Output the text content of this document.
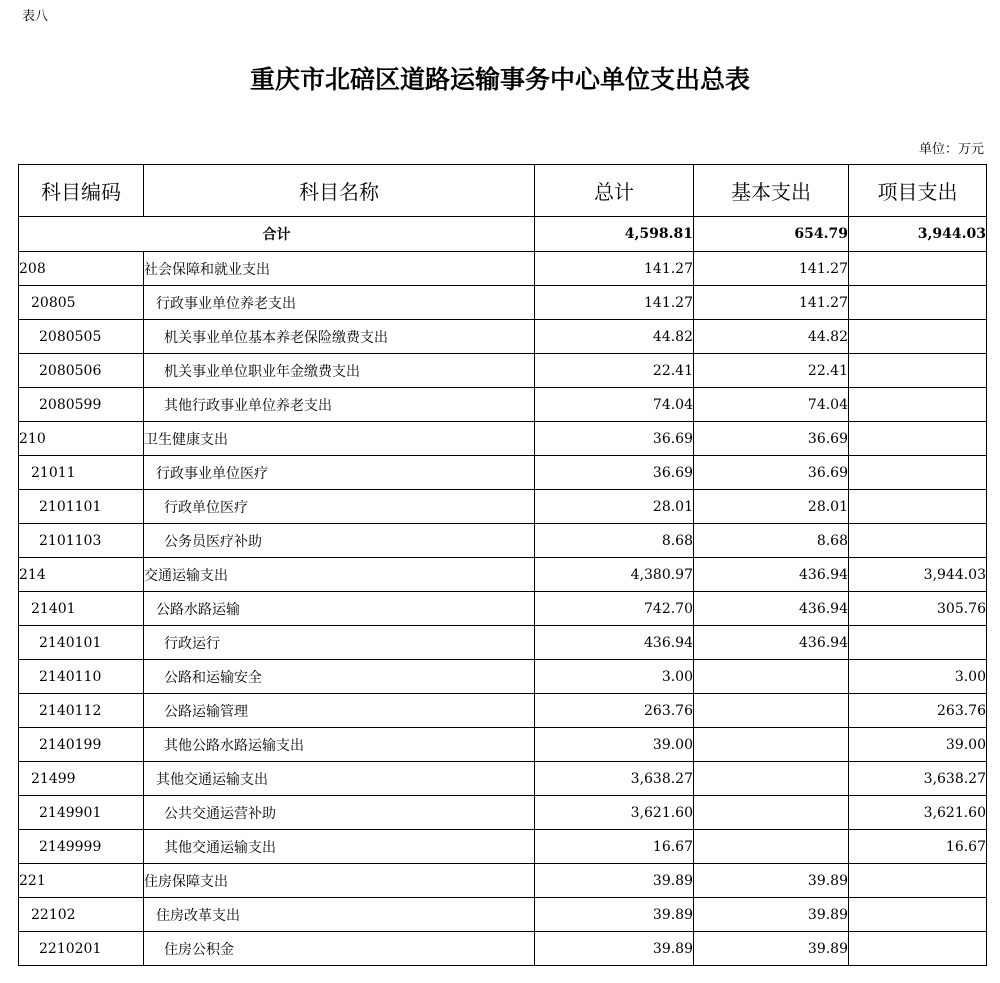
表八
重庆市北碚区道路运输事务中心单位支出总表
单位：万元
科目编码	科目名称	总计	基本支出	项目支出
合计		4,598.81	654.79	3,944.03
208	社会保障和就业支出	141.27	141.27	
20805	行政事业单位养老支出	141.27	141.27	
2080505	机关事业单位基本养老保险缴费支出	44.82	44.82	
2080506	机关事业单位职业年金缴费支出	22.41	22.41	
2080599	其他行政事业单位养老支出	74.04	74.04	
210	卫生健康支出	36.69	36.69	
21011	行政事业单位医疗	36.69	36.69	
2101101	行政单位医疗	28.01	28.01	
2101103	公务员医疗补助	8.68	8.68	
214	交通运输支出	4,380.97	436.94	3,944.03
21401	公路水路运输	742.70	436.94	305.76
2140101	行政运行	436.94	436.94	
2140110	公路和运输安全	3.00		3.00
2140112	公路运输管理	263.76		263.76
2140199	其他公路水路运输支出	39.00		39.00
21499	其他交通运输支出	3,638.27		3,638.27
2149901	公共交通运营补助	3,621.60		3,621.60
2149999	其他交通运输支出	16.67		16.67
221	住房保障支出	39.89	39.89	
22102	住房改革支出	39.89	39.89	
2210201	住房公积金	39.89	39.89	
